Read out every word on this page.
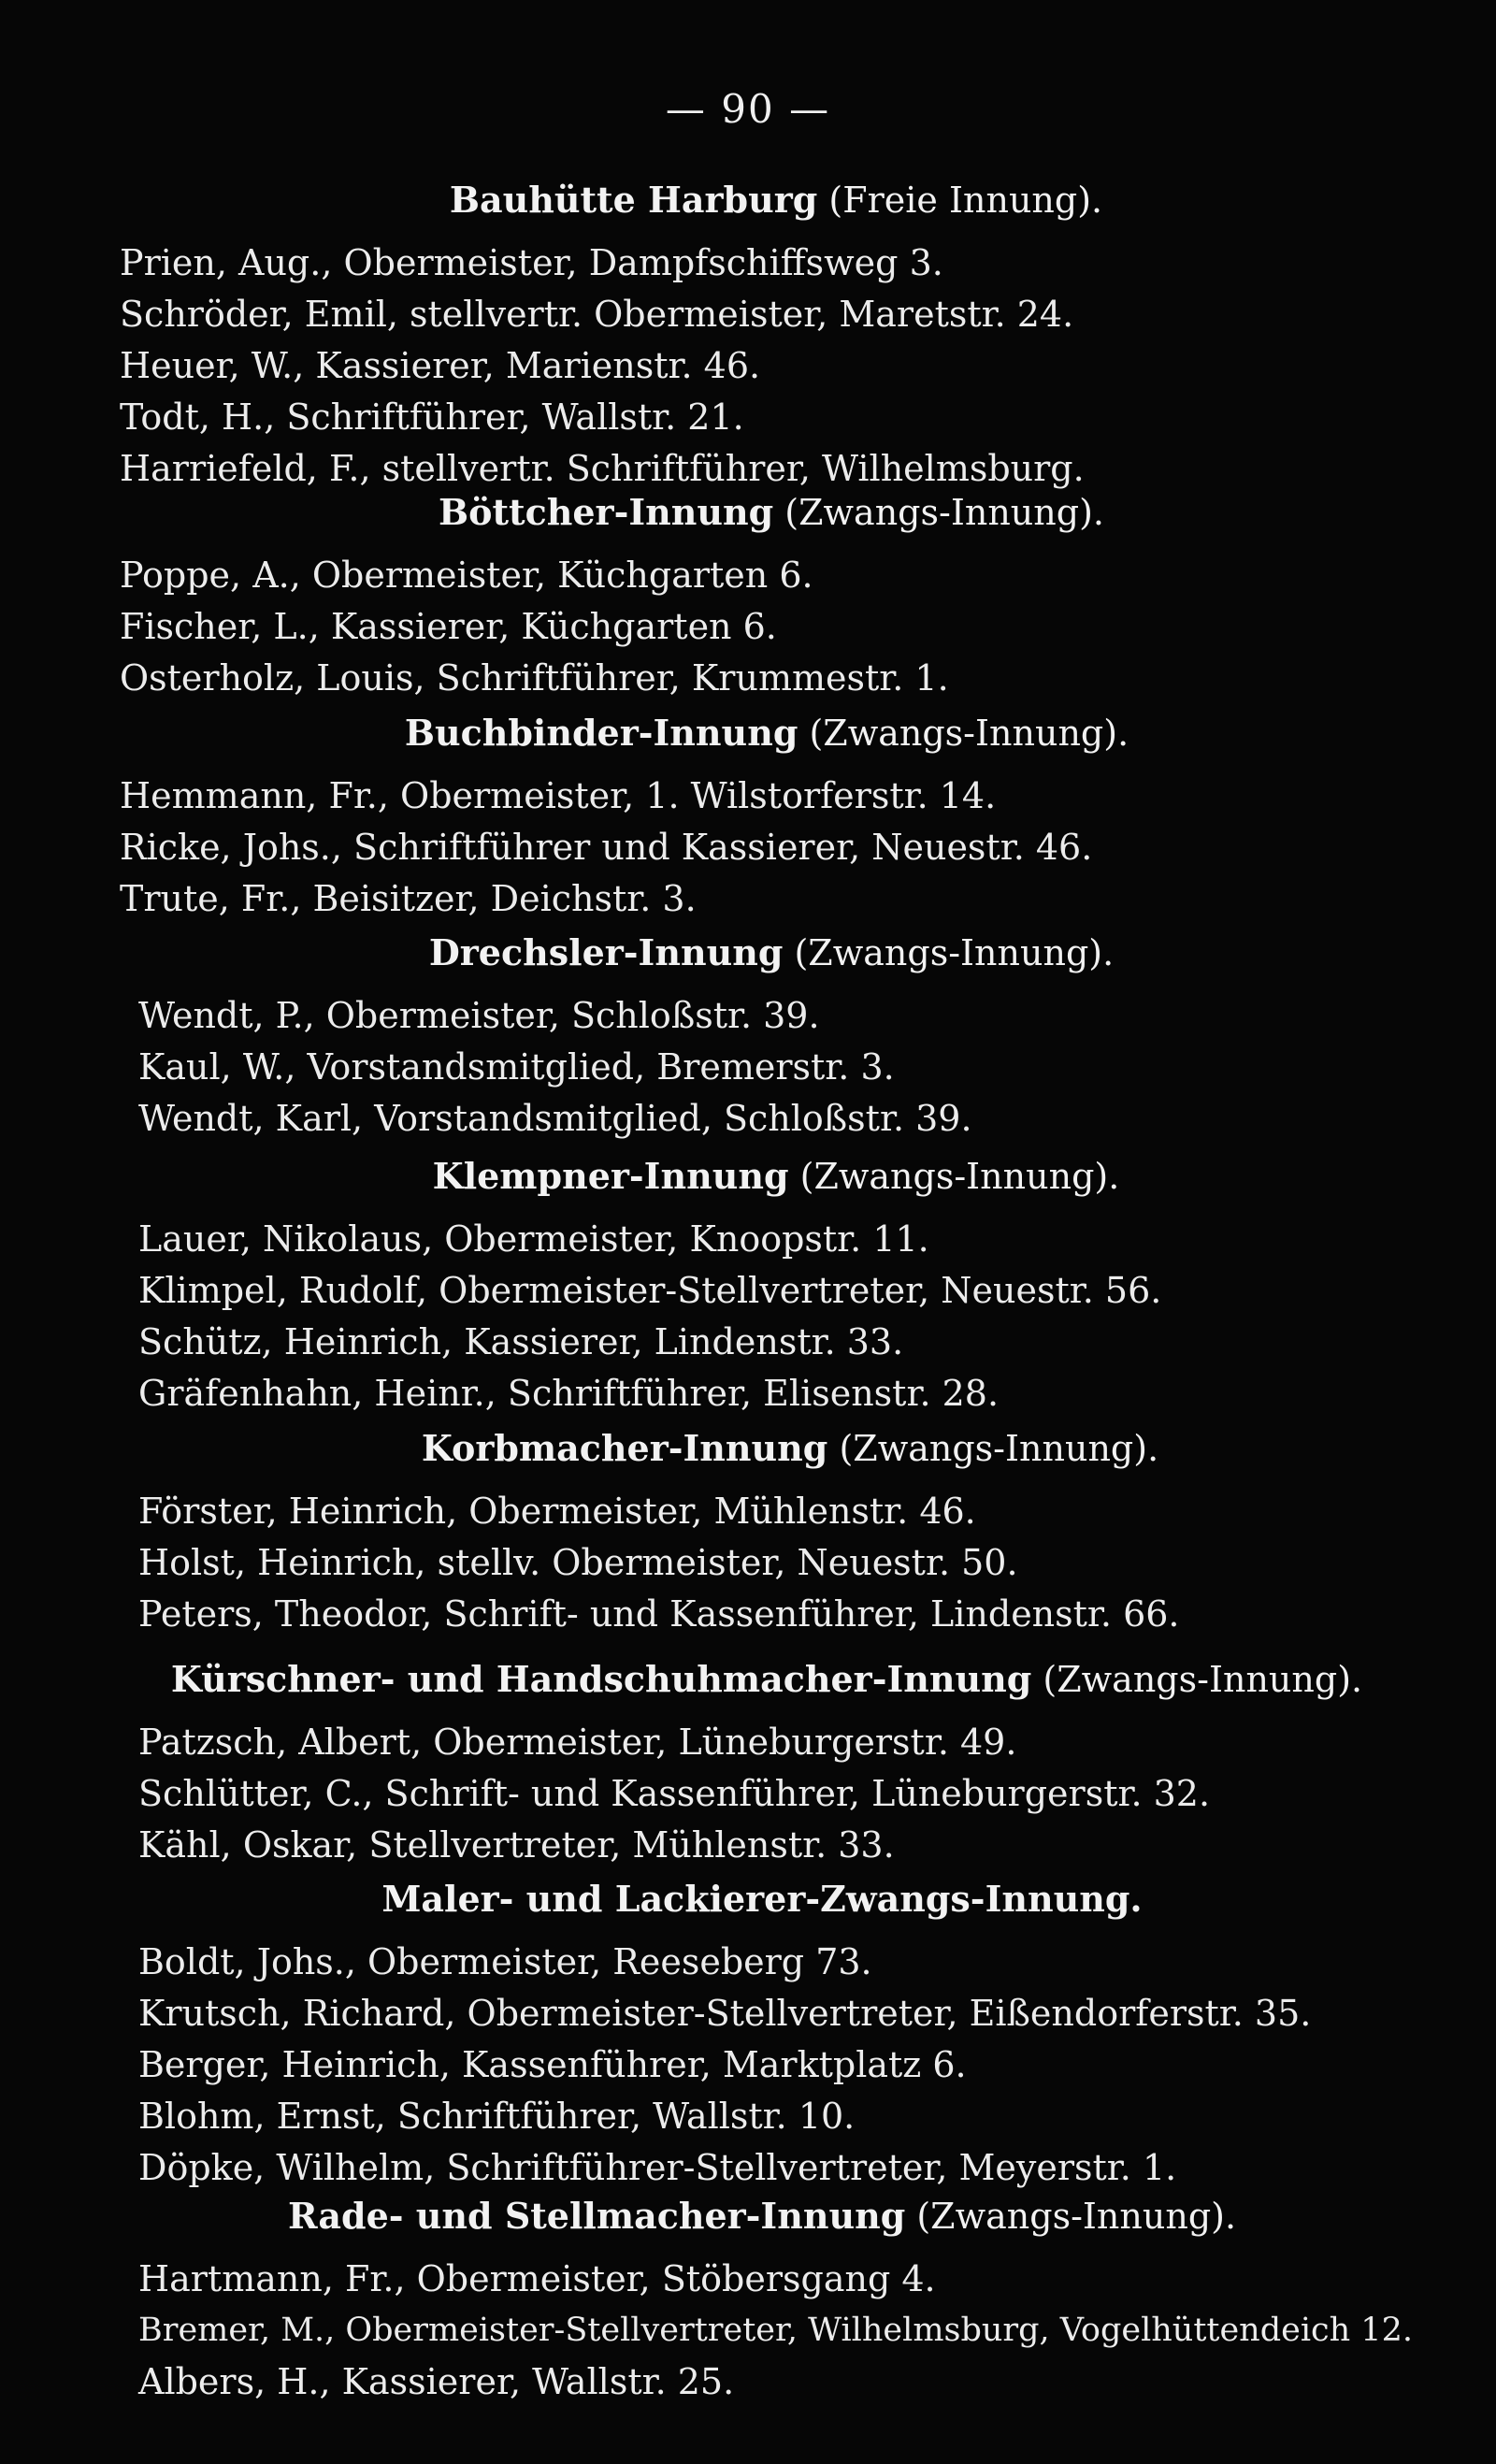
— 90 —
Bauhütte Harburg (Freie Innung).
Prien, Aug., Obermeister, Dampfschiffsweg 3.
Schröder, Emil, stellvertr. Obermeister, Maretstr. 24.
Heuer, W., Kassierer, Marienstr. 46.
Todt, H., Schriftführer, Wallstr. 21.
Harriefeld, F., stellvertr. Schriftführer, Wilhelmsburg.
Böttcher-Innung (Zwangs-Innung).
Poppe, A., Obermeister, Küchgarten 6.
Fischer, L., Kassierer, Küchgarten 6.
Osterholz, Louis, Schriftführer, Krummestr. 1.
Buchbinder-Innung (Zwangs-Innung).
Hemmann, Fr., Obermeister, 1. Wilstorferstr. 14.
Ricke, Johs., Schriftführer und Kassierer, Neuestr. 46.
Trute, Fr., Beisitzer, Deichstr. 3.
Drechsler-Innung (Zwangs-Innung).
Wendt, P., Obermeister, Schloßstr. 39.
Kaul, W., Vorstandsmitglied, Bremerstr. 3.
Wendt, Karl, Vorstandsmitglied, Schloßstr. 39.
Klempner-Innung (Zwangs-Innung).
Lauer, Nikolaus, Obermeister, Knoopstr. 11.
Klimpel, Rudolf, Obermeister-Stellvertreter, Neuestr. 56.
Schütz, Heinrich, Kassierer, Lindenstr. 33.
Gräfenhahn, Heinr., Schriftführer, Elisenstr. 28.
Korbmacher-Innung (Zwangs-Innung).
Förster, Heinrich, Obermeister, Mühlenstr. 46.
Holst, Heinrich, stellv. Obermeister, Neuestr. 50.
Peters, Theodor, Schrift- und Kassenführer, Lindenstr. 66.
Kürschner- und Handschuhmacher-Innung (Zwangs-Innung).
Patzsch, Albert, Obermeister, Lüneburgerstr. 49.
Schlütter, C., Schrift- und Kassenführer, Lüneburgerstr. 32.
Kähl, Oskar, Stellvertreter, Mühlenstr. 33.
Maler- und Lackierer-Zwangs-Innung.
Boldt, Johs., Obermeister, Reeseberg 73.
Krutsch, Richard, Obermeister-Stellvertreter, Eißendorferstr. 35.
Berger, Heinrich, Kassenführer, Marktplatz 6.
Blohm, Ernst, Schriftführer, Wallstr. 10.
Döpke, Wilhelm, Schriftführer-Stellvertreter, Meyerstr. 1.
Rade- und Stellmacher-Innung (Zwangs-Innung).
Hartmann, Fr., Obermeister, Stöbersgang 4.
Bremer, M., Obermeister-Stellvertreter, Wilhelmsburg, Vogelhüttendeich 12.
Albers, H., Kassierer, Wallstr. 25.
